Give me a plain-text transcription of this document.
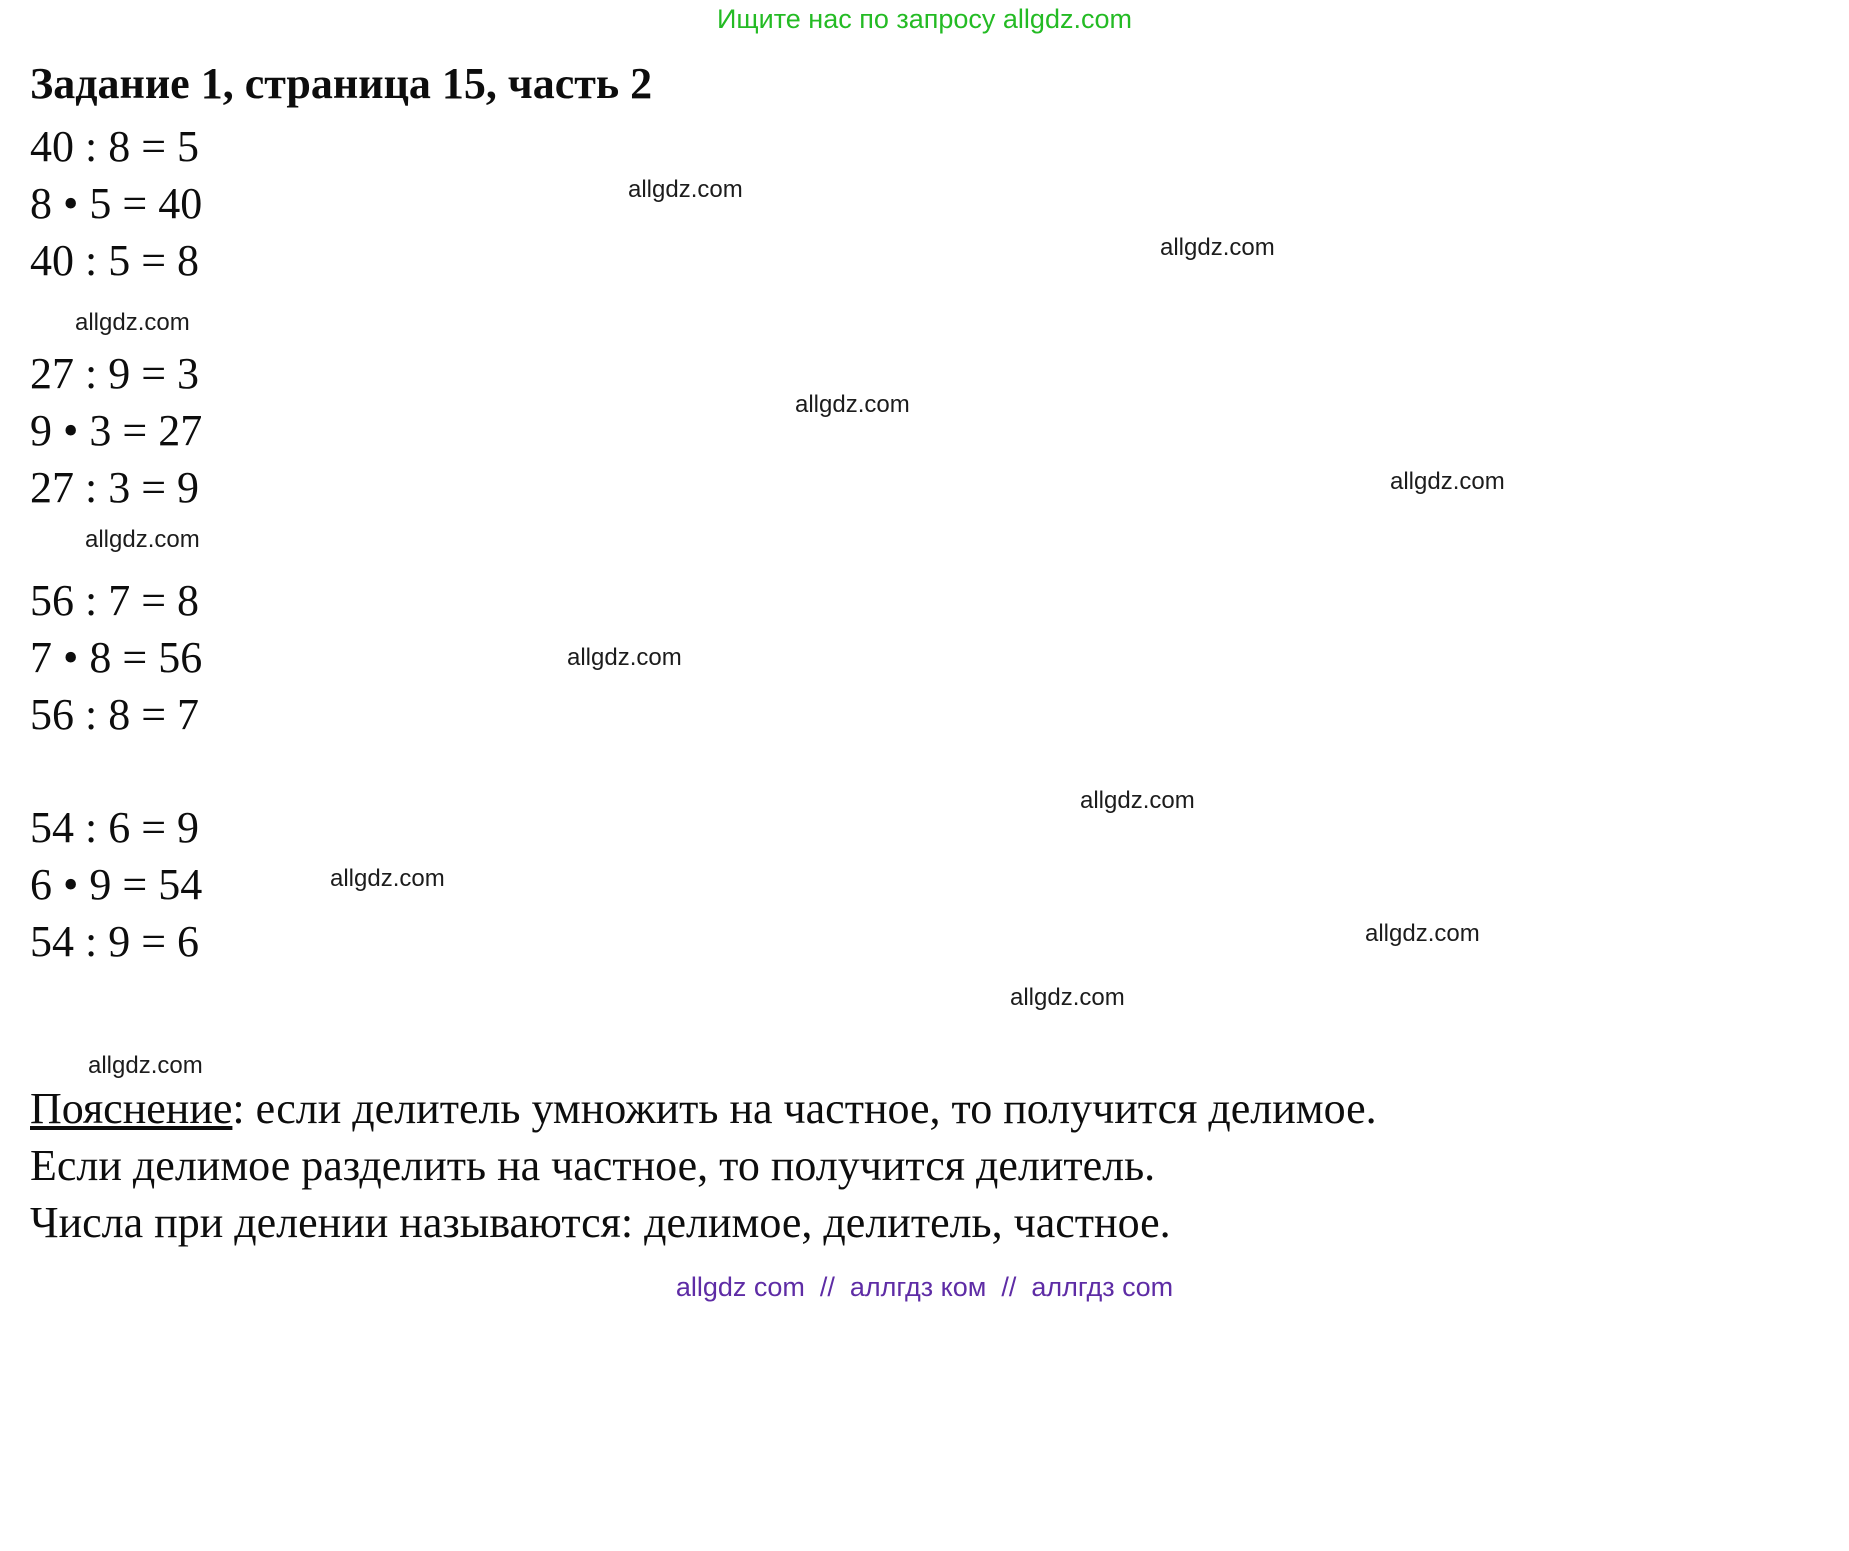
Ищите нас по запросу allgdz.com
Задание 1, страница 15, часть 2
40 : 8 = 5
8 • 5 = 40
40 : 5 = 8
27 : 9 = 3
9 • 3 = 27
27 : 3 = 9
56 : 7 = 8
7 • 8 = 56
56 : 8 = 7
54 : 6 = 9
6 • 9 = 54
54 : 9 = 6
allgdz.com
allgdz.com
allgdz.com
allgdz.com
allgdz.com
allgdz.com
allgdz.com
allgdz.com
allgdz.com
allgdz.com
allgdz.com
allgdz.com
Пояснение: если делитель умножить на частное, то получится делимое.
Если делимое разделить на частное, то получится делитель.
Числа при делении называются: делимое, делитель, частное.
allgdz com  //  аллгдз ком  //  аллгдз com
